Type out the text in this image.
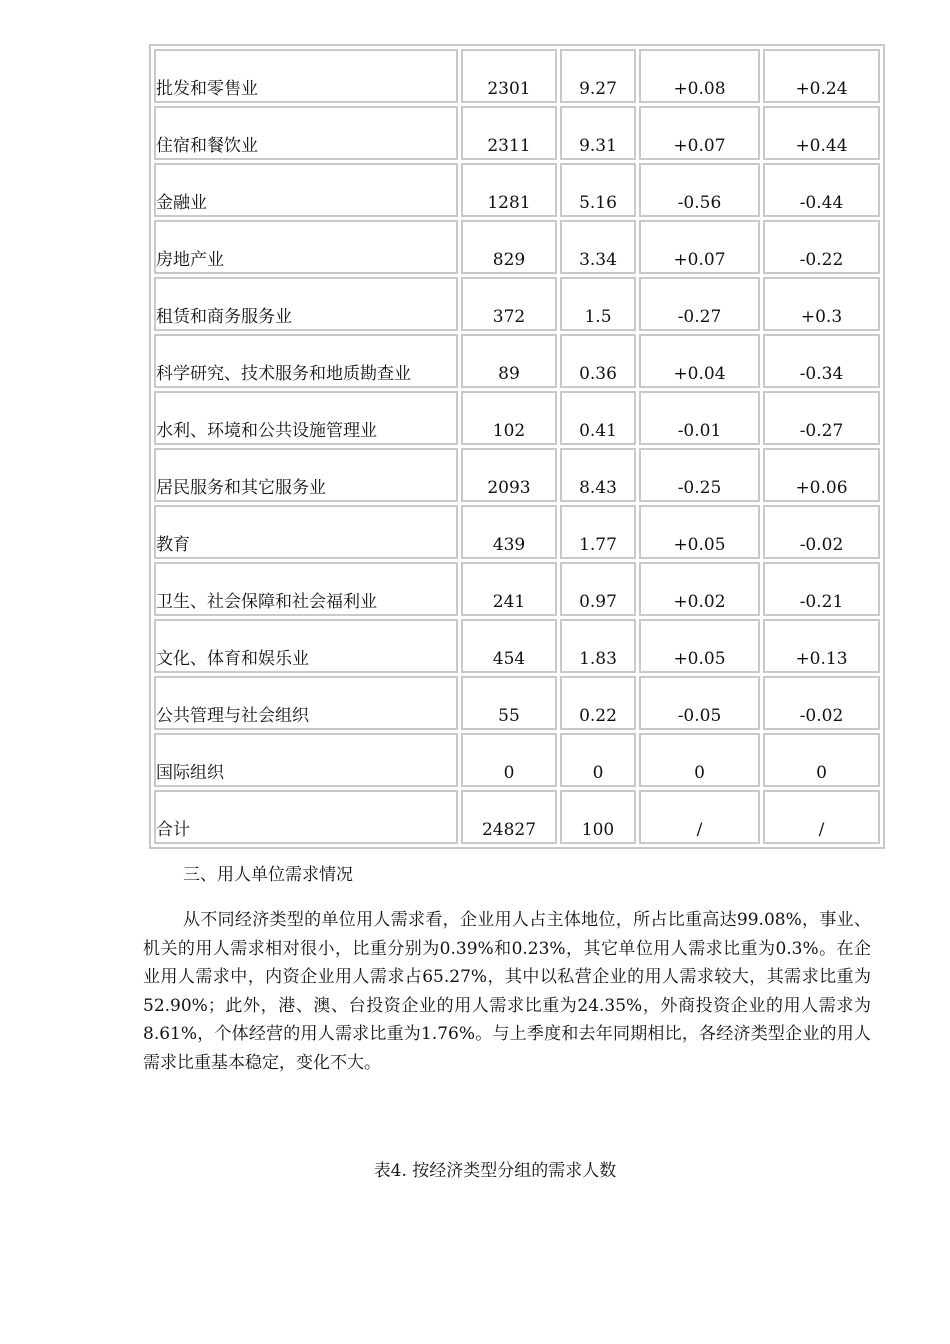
批发和零售业	2301	9.27	+0.08	+0.24
住宿和餐饮业	2311	9.31	+0.07	+0.44
金融业	1281	5.16	-0.56	-0.44
房地产业	829	3.34	+0.07	-0.22
租赁和商务服务业	372	1.5	-0.27	+0.3
科学研究、技术服务和地质勘查业	89	0.36	+0.04	-0.34
水利、环境和公共设施管理业	102	0.41	-0.01	-0.27
居民服务和其它服务业	2093	8.43	-0.25	+0.06
教育	439	1.77	+0.05	-0.02
卫生、社会保障和社会福利业	241	0.97	+0.02	-0.21
文化、体育和娱乐业	454	1.83	+0.05	+0.13
公共管理与社会组织	55	0.22	-0.05	-0.02
国际组织	0	0	0	0
合计	24827	100	/	/

三、用人单位需求情况

从不同经济类型的单位用人需求看，企业用人占主体地位，所占比重高达99.08%，事业、机关的用人需求相对很小，比重分别为0.39%和0.23%，其它单位用人需求比重为0.3%。在企业用人需求中，内资企业用人需求占65.27%，其中以私营企业的用人需求较大，其需求比重为52.90%；此外，港、澳、台投资企业的用人需求比重为24.35%，外商投资企业的用人需求为8.61%，个体经营的用人需求比重为1.76%。与上季度和去年同期相比，各经济类型企业的用人需求比重基本稳定，变化不大。

表4. 按经济类型分组的需求人数
